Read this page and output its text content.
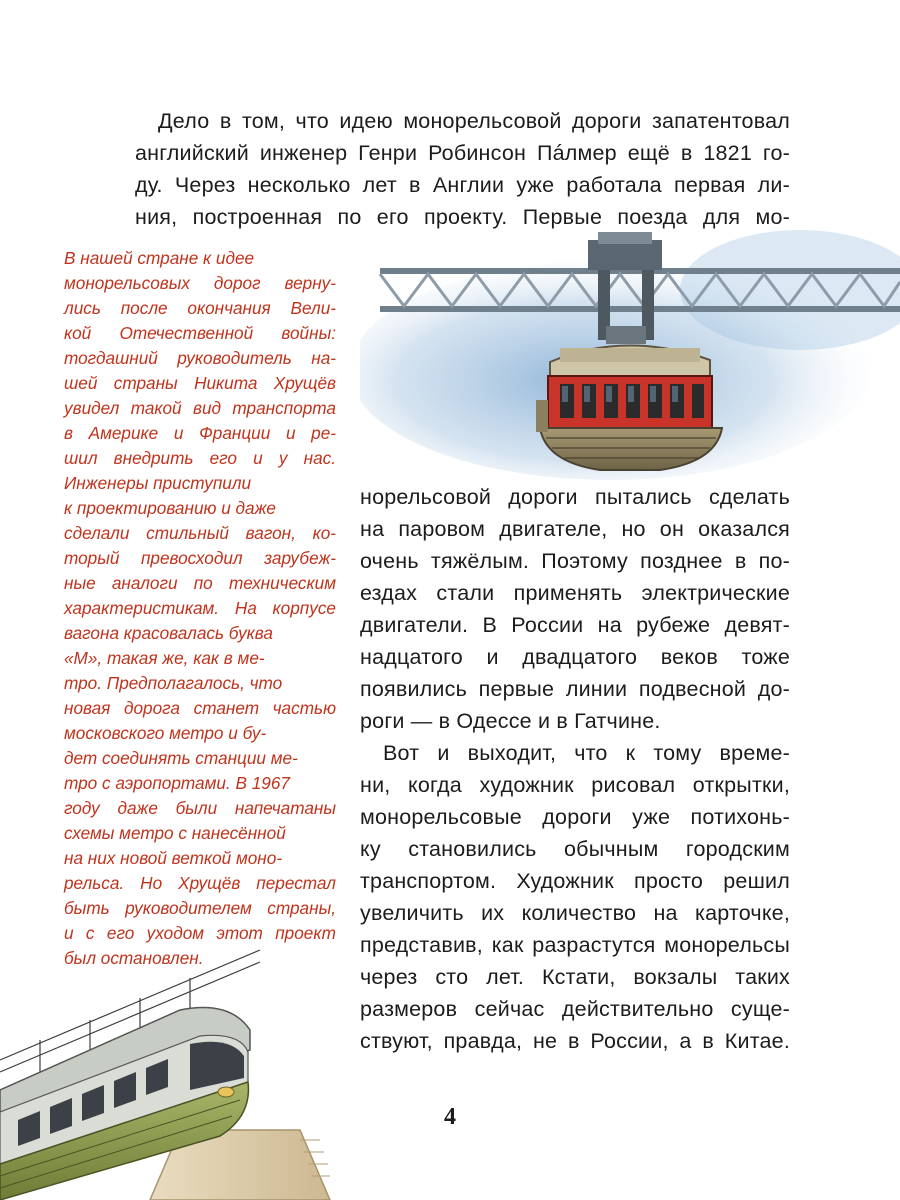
Дело в том, что идею монорельсовой дороги запатентовал
английский инженер Генри Робинсон Пáлмер ещё в 1821 го-
ду. Через несколько лет в Англии уже работала первая ли-
ния, построенная по его проекту. Первые поезда для мо-
норельсовой дороги пытались сделать
на паровом двигателе, но он оказался
очень тяжёлым. Поэтому позднее в по-
ездах стали применять электрические
двигатели. В России на рубеже девят-
надцатого и двадцатого веков тоже
появились первые линии подвесной до-
роги — в Одессе и в Гатчине.
Вот и выходит, что к тому време-
ни, когда художник рисовал открытки,
монорельсовые дороги уже потихонь-
ку становились обычным городским
транспортом. Художник просто решил
увеличить их количество на карточке,
представив, как разрастутся монорельсы
через сто лет. Кстати, вокзалы таких
размеров сейчас действительно суще-
ствуют, правда, не в России, а в Китае.
В нашей стране к идее
монорельсовых дорог верну-
лись после окончания Вели-
кой Отечественной войны:
тогдашний руководитель на-
шей страны Никита Хрущёв
увидел такой вид транспорта
в Америке и Франции и ре-
шил внедрить его и у нас.
Инженеры приступили
к проектированию и даже
сделали стильный вагон, ко-
торый превосходил зарубеж-
ные аналоги по техническим
характеристикам. На корпусе
вагона красовалась буква
«М», такая же, как в ме-
тро. Предполагалось, что
новая дорога станет частью
московского метро и бу-
дет соединять станции ме-
тро с аэропортами. В 1967
году даже были напечатаны
схемы метро с нанесённой
на них новой веткой моно-
рельса. Но Хрущёв перестал
быть руководителем страны,
и с его уходом этот проект
был остановлен.
4
